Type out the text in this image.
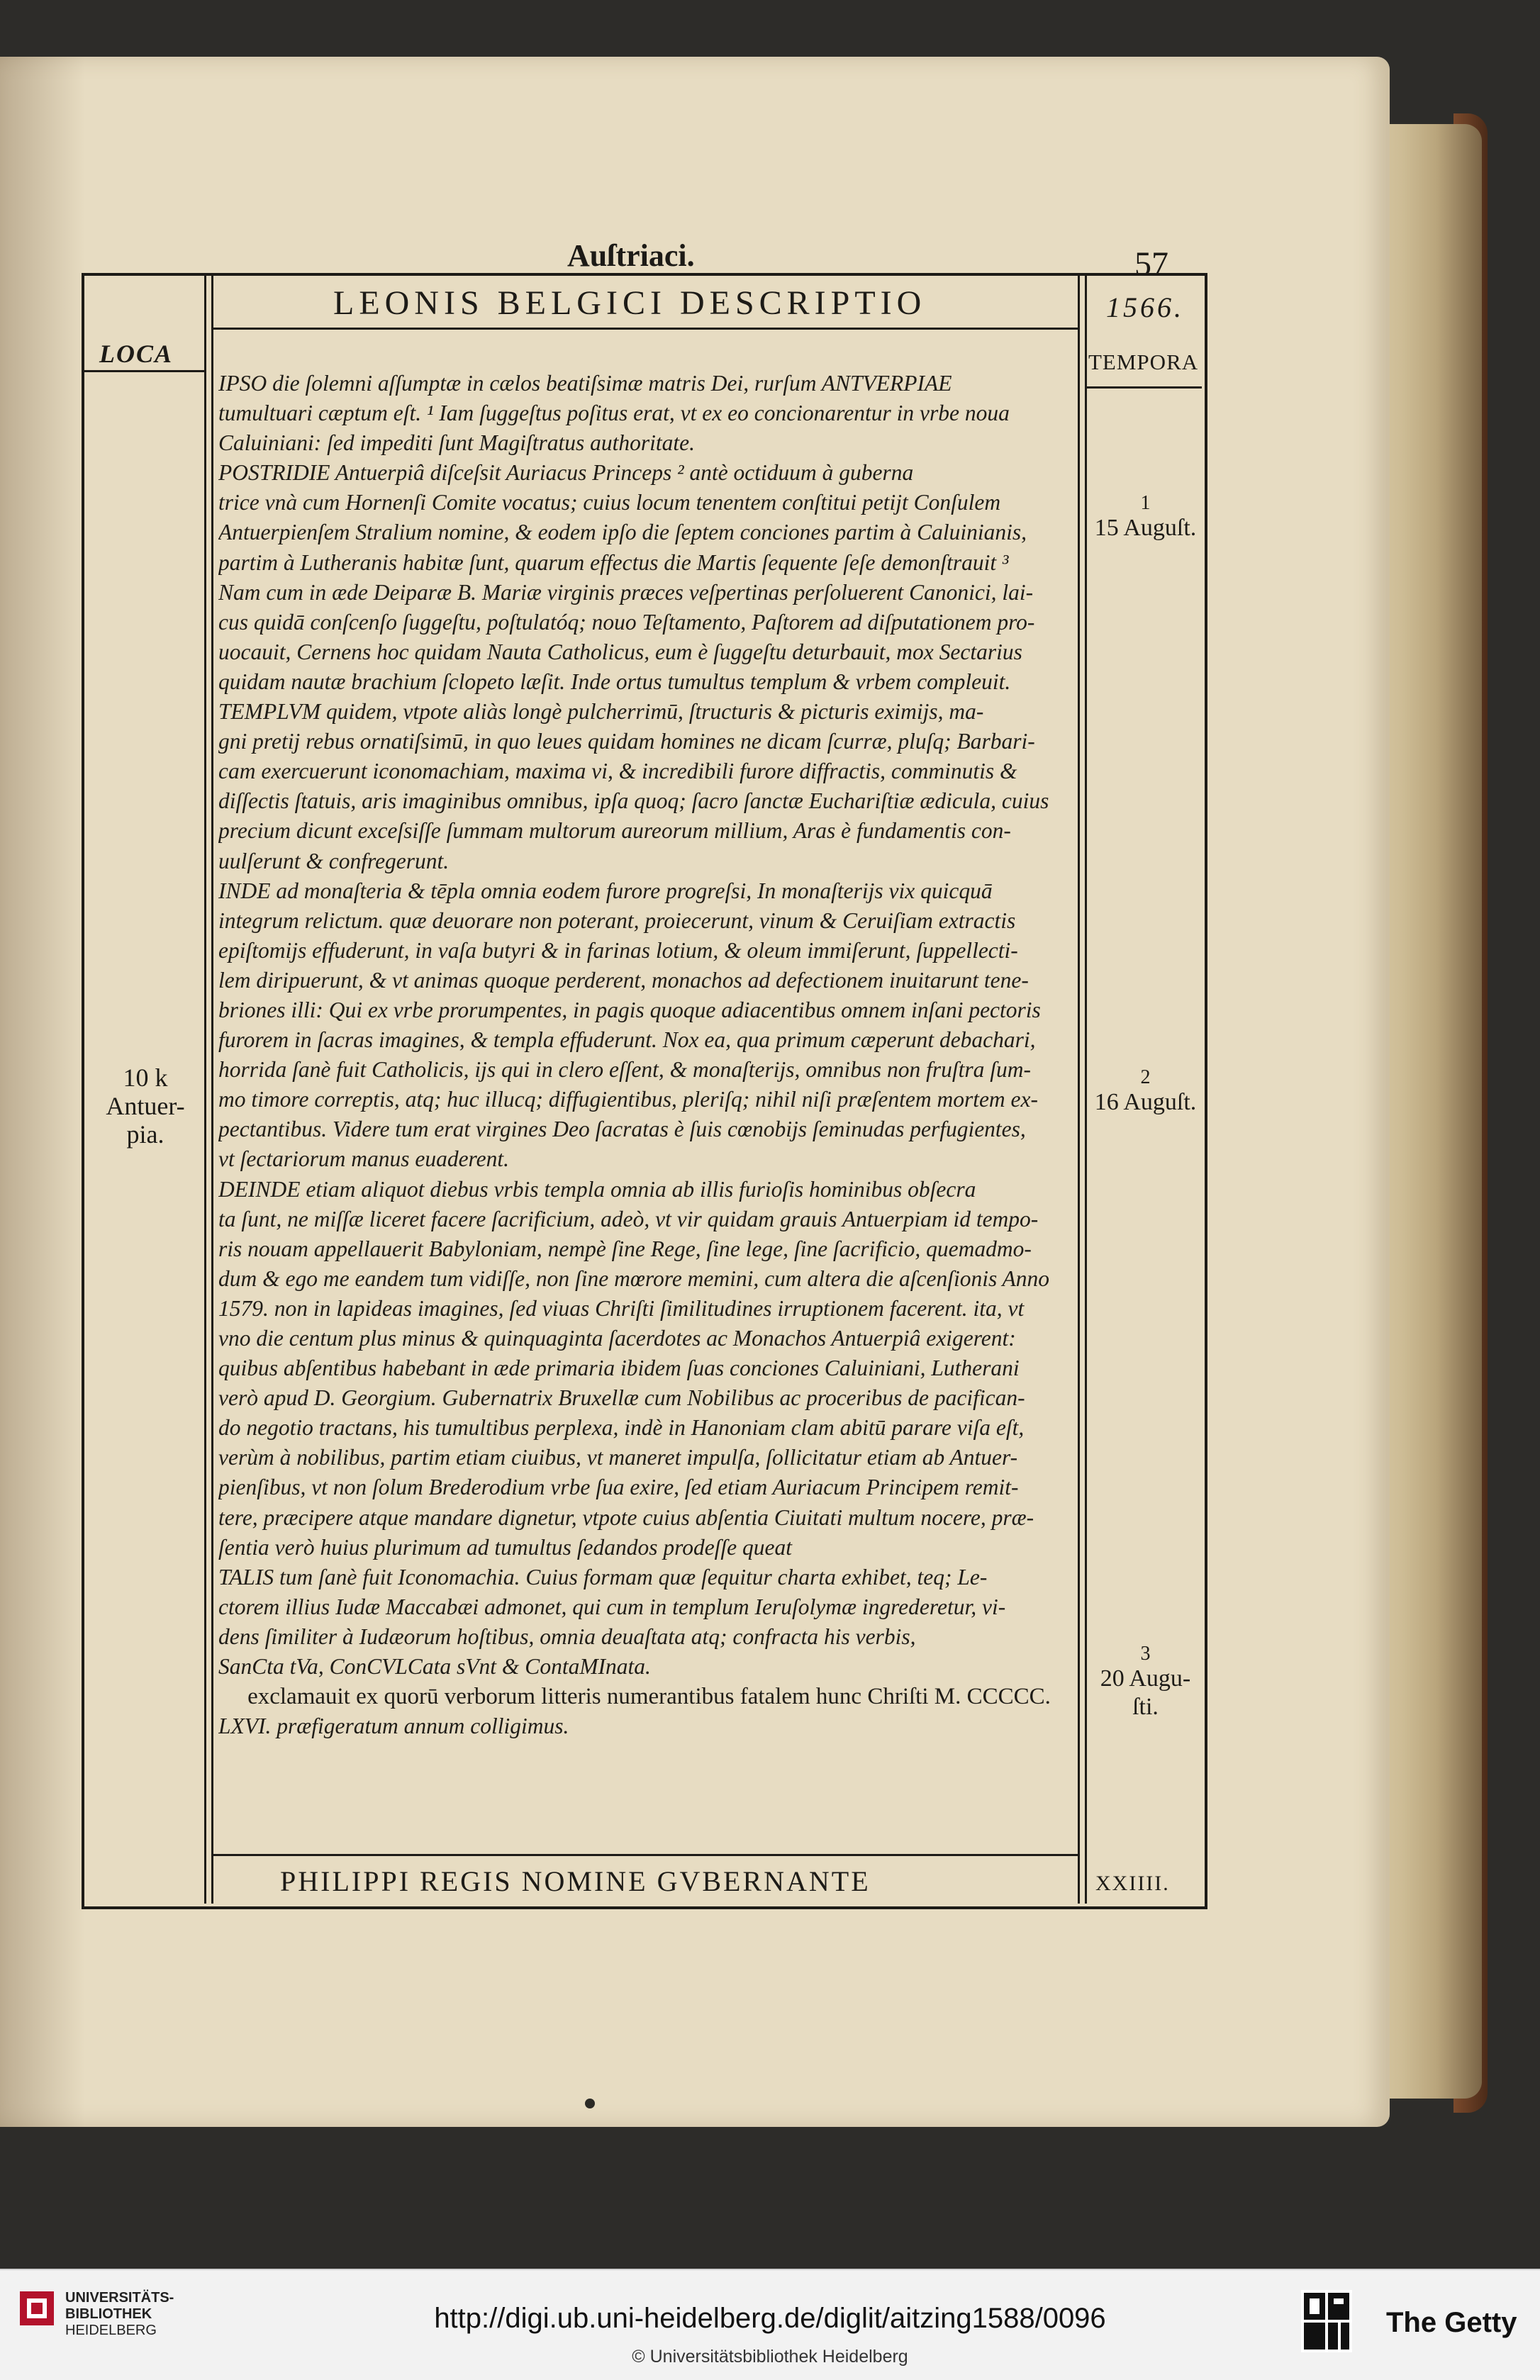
Auſtriaci.	57
LEONIS BELGICI DESCRIPTIO	1566.
LOCA	TEMPORA
IPSO die ſolemni aſſumptæ in cælos beatiſsimæ matris Dei, rurſum ANTVERPIAE
tumultuari cæptum eſt. ¹ Iam ſuggeſtus poſitus erat, vt ex eo concionarentur in vrbe noua
Caluiniani: ſed impediti ſunt Magiſtratus authoritate.
POSTRIDIE Antuerpiâ diſceſsit Auriacus Princeps ² antè octiduum à guberna
trice vnà cum Hornenſi Comite vocatus; cuius locum tenentem conſtitui petijt Conſulem
Antuerpienſem Stralium nomine, & eodem ipſo die ſeptem conciones partim à Caluinianis,
partim à Lutheranis habitæ ſunt, quarum effectus die Martis ſequente ſeſe demonſtrauit ³
Nam cum in æde Deiparæ B. Mariæ virginis præces veſpertinas perſoluerent Canonici, lai-
cus quidā conſcenſo ſuggeſtu, poſtulatóq; nouo Teſtamento, Paſtorem ad diſputationem pro-
uocauit, Cernens hoc quidam Nauta Catholicus, eum è ſuggeſtu deturbauit, mox Sectarius
quidam nautæ brachium ſclopeto læſit. Inde ortus tumultus templum & vrbem compleuit.
TEMPLVM quidem, vtpote aliàs longè pulcherrimū, ſtructuris & picturis eximijs, ma-
gni pretij rebus ornatiſsimū, in quo leues quidam homines ne dicam ſcurræ, pluſq; Barbari-
cam exercuerunt iconomachiam, maxima vi, & incredibili furore diffractis, comminutis &
diſſectis ſtatuis, aris imaginibus omnibus, ipſa quoq; ſacro ſanctæ Euchariſtiæ ædicula, cuius
precium dicunt exceſsiſſe ſummam multorum aureorum millium, Aras è fundamentis con-
uulſerunt & confregerunt.
INDE ad monaſteria & tēpla omnia eodem furore progreſsi, In monaſterijs vix quicquā
integrum relictum. quæ deuorare non poterant, proiecerunt, vinum & Ceruiſiam extractis
epiſtomijs effuderunt, in vaſa butyri & in farinas lotium, & oleum immiſerunt, ſuppellecti-
lem diripuerunt, & vt animas quoque perderent, monachos ad defectionem inuitarunt tene-
briones illi: Qui ex vrbe prorumpentes, in pagis quoque adiacentibus omnem inſani pectoris
furorem in ſacras imagines, & templa effuderunt. Nox ea, qua primum cæperunt debachari,
horrida ſanè fuit Catholicis, ijs qui in clero eſſent, & monaſterijs, omnibus non fruſtra ſum-
mo timore correptis, atq; huc illucq; diffugientibus, pleriſq; nihil niſi præſentem mortem ex-
pectantibus. Videre tum erat virgines Deo ſacratas è ſuis cœnobijs ſeminudas perfugientes,
vt ſectariorum manus euaderent.
DEINDE etiam aliquot diebus vrbis templa omnia ab illis furioſis hominibus obſecra
ta ſunt, ne miſſæ liceret facere ſacrificium, adeò, vt vir quidam grauis Antuerpiam id tempo-
ris nouam appellauerit Babyloniam, nempè ſine Rege, ſine lege, ſine ſacrificio, quemadmo-
dum & ego me eandem tum vidiſſe, non ſine mœrore memini, cum altera die aſcenſionis Anno
1579. non in lapideas imagines, ſed viuas Chriſti ſimilitudines irruptionem facerent. ita, vt
vno die centum plus minus & quinquaginta ſacerdotes ac Monachos Antuerpiâ exigerent:
quibus abſentibus habebant in æde primaria ibidem ſuas conciones Caluiniani, Lutherani
verò apud D. Georgium. Gubernatrix Bruxellæ cum Nobilibus ac proceribus de pacifican-
do negotio tractans, his tumultibus perplexa, indè in Hanoniam clam abitū parare viſa eſt,
verùm à nobilibus, partim etiam ciuibus, vt maneret impulſa, ſollicitatur etiam ab Antuer-
pienſibus, vt non ſolum Brederodium vrbe ſua exire, ſed etiam Auriacum Principem remit-
tere, præcipere atque mandare dignetur, vtpote cuius abſentia Ciuitati multum nocere, præ-
ſentia verò huius plurimum ad tumultus ſedandos prodeſſe queat
TALIS tum ſanè fuit Iconomachia. Cuius formam quæ ſequitur charta exhibet, teq; Le-
ctorem illius Iudæ Maccabæi admonet, qui cum in templum Ieruſolymæ ingrederetur, vi-
dens ſimiliter à Iudæorum hoſtibus, omnia deuaſtata atq; confracta his verbis,
SanCta tVa, ConCVLCata sVnt & ContaMInata.
exclamauit ex quorū verborum litteris numerantibus fatalem hunc Chriſti M. CCCCC.
LXVI. præfigeratum annum colligimus.
10 k
Antuer-
pia.
1
15 Auguſt.
2
16 Auguſt.
3
20 Augu-
ſti.
PHILIPPI REGIS NOMINE GVBERNANTE	XXIIII.
UNIVERSITÄTS-
BIBLIOTHEK
HEIDELBERG	http://digi.ub.uni-heidelberg.de/diglit/aitzing1588/0096
© Universitätsbibliothek Heidelberg
The Getty
